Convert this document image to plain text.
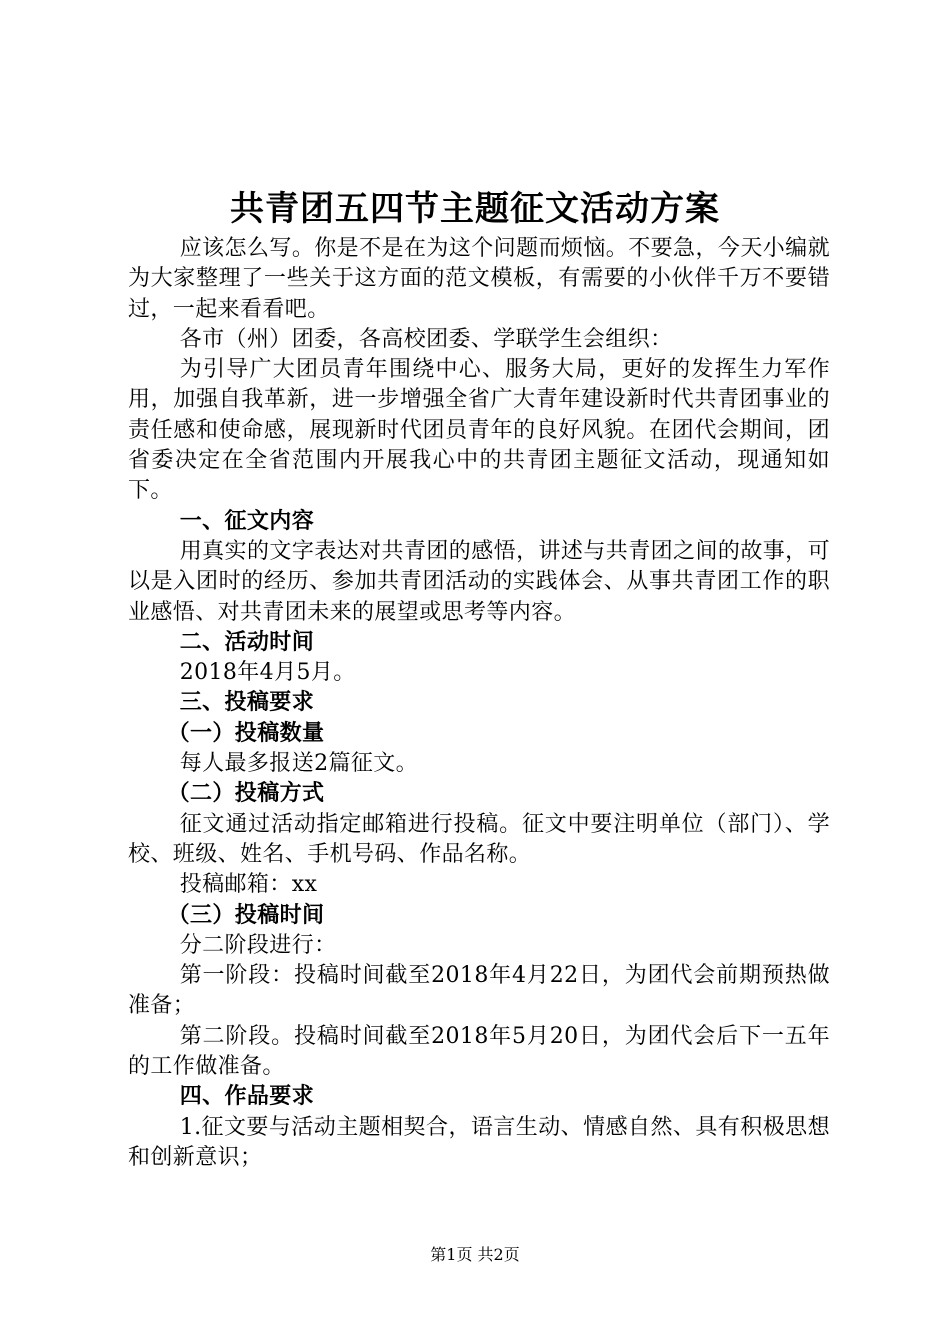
共青团五四节主题征文活动方案

应该怎么写。你是不是在为这个问题而烦恼。不要急，今天小编就为大家整理了一些关于这方面的范文模板，有需要的小伙伴千万不要错过，一起来看看吧。

各市（州）团委，各高校团委、学联学生会组织：

为引导广大团员青年围绕中心、服务大局，更好的发挥生力军作用，加强自我革新，进一步增强全省广大青年建设新时代共青团事业的责任感和使命感，展现新时代团员青年的良好风貌。在团代会期间，团省委决定在全省范围内开展我心中的共青团主题征文活动，现通知如下。

一、征文内容

用真实的文字表达对共青团的感悟，讲述与共青团之间的故事，可以是入团时的经历、参加共青团活动的实践体会、从事共青团工作的职业感悟、对共青团未来的展望或思考等内容。

二、活动时间

2018年4月5月。

三、投稿要求

（一）投稿数量

每人最多报送2篇征文。

（二）投稿方式

征文通过活动指定邮箱进行投稿。征文中要注明单位（部门）、学校、班级、姓名、手机号码、作品名称。

投稿邮箱：xx

（三）投稿时间

分二阶段进行：

第一阶段：投稿时间截至2018年4月22日，为团代会前期预热做准备；

第二阶段。投稿时间截至2018年5月20日，为团代会后下一五年的工作做准备。

四、作品要求

1.征文要与活动主题相契合，语言生动、情感自然、具有积极思想和创新意识；

第1页 共2页
